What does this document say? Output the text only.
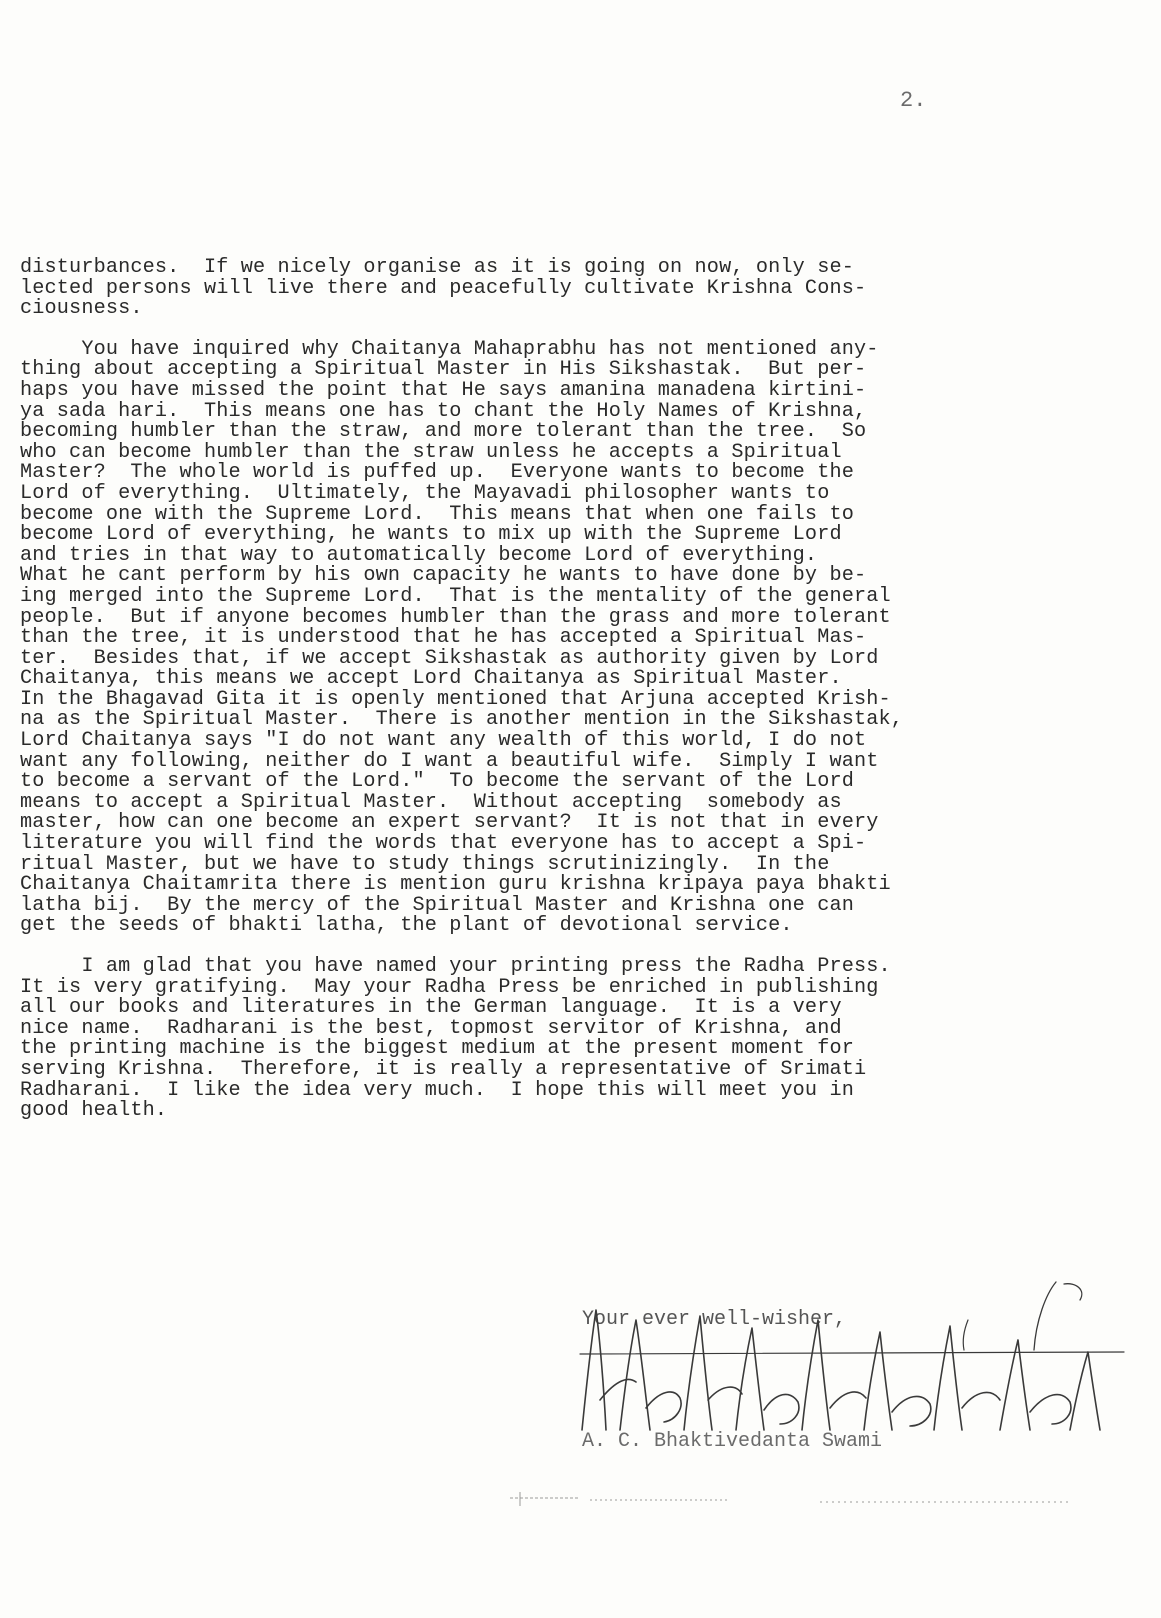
2.

disturbances.  If we nicely organise as it is going on now, only se-
lected persons will live there and peacefully cultivate Krishna Cons-
ciousness.

You have inquired why Chaitanya Mahaprabhu has not mentioned any-
thing about accepting a Spiritual Master in His Sikshastak.  But per-
haps you have missed the point that He says amanina manadena kirtini-
ya sada hari.  This means one has to chant the Holy Names of Krishna,
becoming humbler than the straw, and more tolerant than the tree.  So
who can become humbler than the straw unless he accepts a Spiritual
Master?  The whole world is puffed up.  Everyone wants to become the
Lord of everything.  Ultimately, the Mayavadi philosopher wants to
become one with the Supreme Lord.  This means that when one fails to
become Lord of everything, he wants to mix up with the Supreme Lord
and tries in that way to automatically become Lord of everything.
What he cant perform by his own capacity he wants to have done by be-
ing merged into the Supreme Lord.  That is the mentality of the general
people.  But if anyone becomes humbler than the grass and more tolerant
than the tree, it is understood that he has accepted a Spiritual Mas-
ter.  Besides that, if we accept Sikshastak as authority given by Lord
Chaitanya, this means we accept Lord Chaitanya as Spiritual Master.
In the Bhagavad Gita it is openly mentioned that Arjuna accepted Krish-
na as the Spiritual Master.  There is another mention in the Sikshastak,
Lord Chaitanya says "I do not want any wealth of this world, I do not
want any following, neither do I want a beautiful wife.  Simply I want
to become a servant of the Lord."  To become the servant of the Lord
means to accept a Spiritual Master.  Without accepting  somebody as
master, how can one become an expert servant?  It is not that in every
literature you will find the words that everyone has to accept a Spi-
ritual Master, but we have to study things scrutinizingly.  In the
Chaitanya Chaitamrita there is mention guru krishna kripaya paya bhakti
latha bij.  By the mercy of the Spiritual Master and Krishna one can
get the seeds of bhakti latha, the plant of devotional service.

I am glad that you have named your printing press the Radha Press.
It is very gratifying.  May your Radha Press be enriched in publishing
all our books and literatures in the German language.  It is a very
nice name.  Radharani is the best, topmost servitor of Krishna, and
the printing machine is the biggest medium at the present moment for
serving Krishna.  Therefore, it is really a representative of Srimati
Radharani.  I like the idea very much.  I hope this will meet you in
good health.

Your ever well-wisher,
A. C. Bhaktivedanta Swami
